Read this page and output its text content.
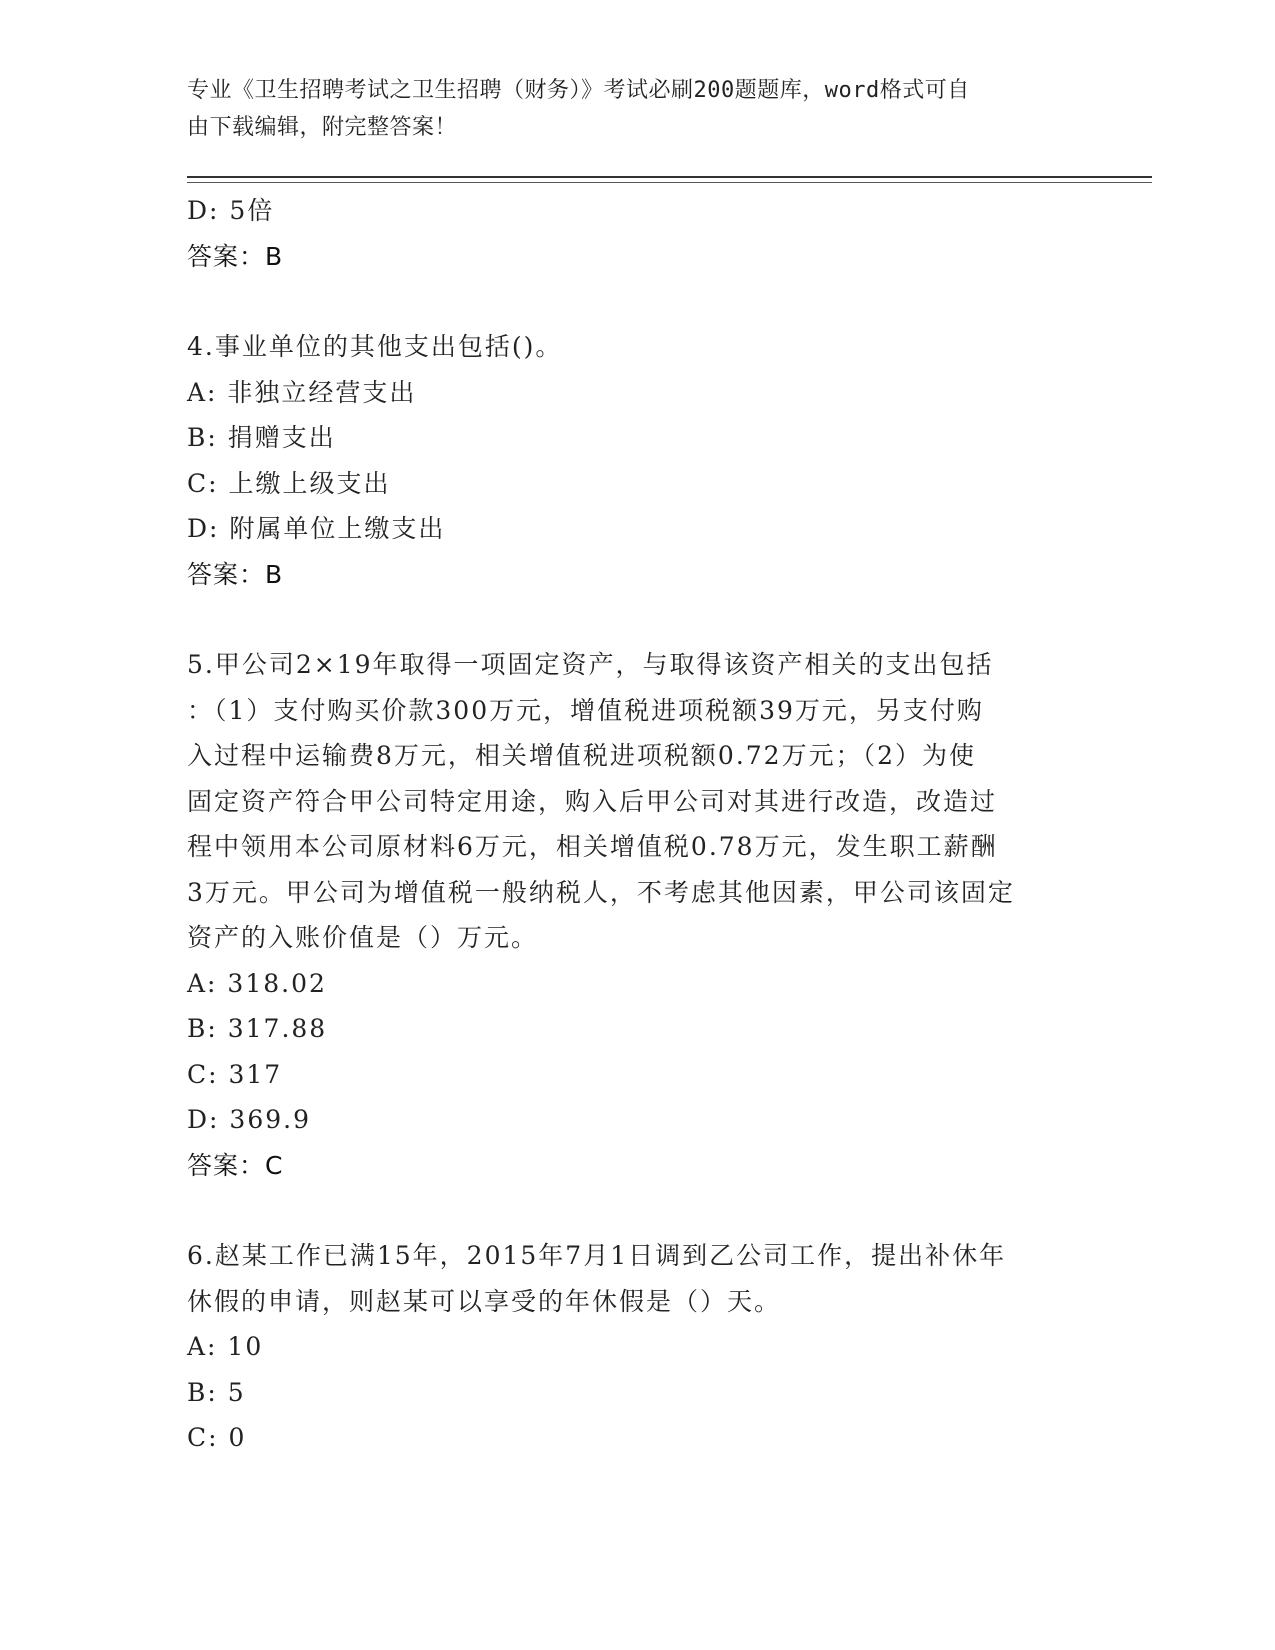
专业《卫生招聘考试之卫生招聘（财务）》考试必刷200题题库，word格式可自
由下载编辑，附完整答案！
D: 5倍
答案：B
4.事业单位的其他支出包括()。
A: 非独立经营支出
B: 捐赠支出
C: 上缴上级支出
D: 附属单位上缴支出
答案：B
5.甲公司2×19年取得一项固定资产，与取得该资产相关的支出包括
：（1）支付购买价款300万元，增值税进项税额39万元，另支付购
入过程中运输费8万元，相关增值税进项税额0.72万元；（2）为使
固定资产符合甲公司特定用途，购入后甲公司对其进行改造，改造过
程中领用本公司原材料6万元，相关增值税0.78万元，发生职工薪酬
3万元。甲公司为增值税一般纳税人，不考虑其他因素，甲公司该固定
资产的入账价值是（）万元。
A: 318.02
B: 317.88
C: 317
D: 369.9
答案：C
6.赵某工作已满15年，2015年7月1日调到乙公司工作，提出补休年
休假的申请，则赵某可以享受的年休假是（）天。
A: 10
B: 5
C: 0
